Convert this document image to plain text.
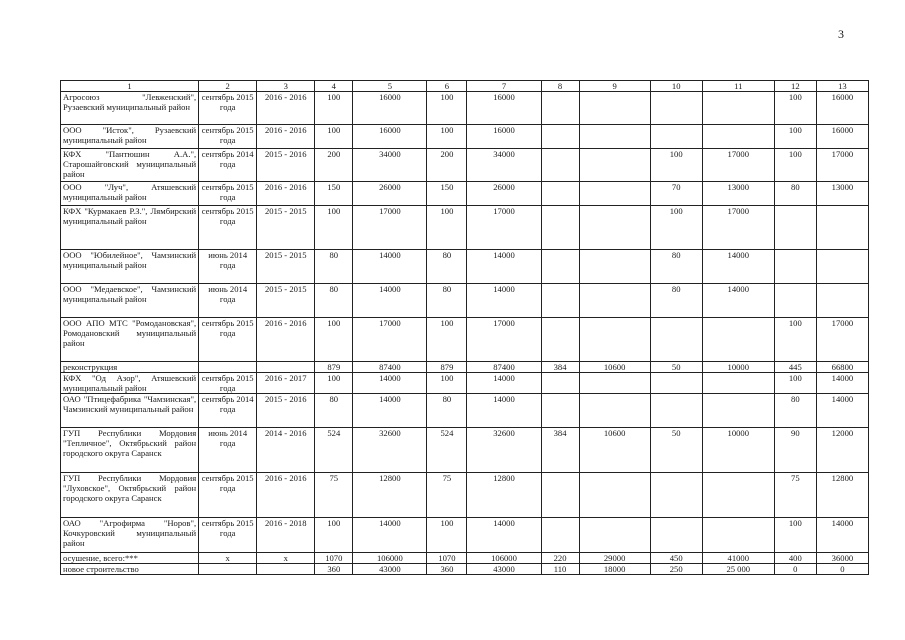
3
1	2	3	4	5	6	7	8	9	10	11	12	13
Агросоюз "Левженский", Рузаевский муниципальный район	сентябрь 2015 года	2016 - 2016	100	16000	100	16000					100	16000
ООО "Исток", Рузаевский муниципальный район	сентябрь 2015 года	2016 - 2016	100	16000	100	16000					100	16000
КФХ "Пантюшин А.А.", Старошайговский муниципальный район	сентябрь 2014 года	2015 - 2016	200	34000	200	34000			100	17000	100	17000
ООО "Луч", Атяшевский муниципальный район	сентябрь 2015 года	2016 - 2016	150	26000	150	26000			70	13000	80	13000
КФХ "Курмакаев Р.З.", Лямбирский муниципальный район	сентябрь 2015 года	2015 - 2015	100	17000	100	17000			100	17000		
ООО "Юбилейное", Чамзинский муниципальный район	июнь 2014 года	2015 - 2015	80	14000	80	14000			80	14000		
ООО "Медаевское", Чамзинский муниципальный район	июнь 2014 года	2015 - 2015	80	14000	80	14000			80	14000		
ООО АПО МТС "Ромодановская", Ромодановский муниципальный район	сентябрь 2015 года	2016 - 2016	100	17000	100	17000					100	17000
реконструкция			879	87400	879	87400	384	10600	50	10000	445	66800
КФХ "Од Азор", Атяшевский муниципальный район	сентябрь 2015 года	2016 - 2017	100	14000	100	14000					100	14000
ОАО "Птицефабрика "Чамзинская", Чамзинский муниципальный район	сентябрь 2014 года	2015 - 2016	80	14000	80	14000					80	14000
ГУП Республики Мордовия "Тепличное", Октябрьский район городского округа Саранск	июнь 2014 года	2014 - 2016	524	32600	524	32600	384	10600	50	10000	90	12000
ГУП Республики Мордовия "Луховское", Октябрьский район городского округа Саранск	сентябрь 2015 года	2016 - 2016	75	12800	75	12800					75	12800
ОАО "Агрофирма "Норов", Кочкуровский муниципальный район	сентябрь 2015 года	2016 - 2018	100	14000	100	14000					100	14000
осушение, всего:***	x	x	1070	106000	1070	106000	220	29000	450	41000	400	36000
новое строительство			360	43000	360	43000	110	18000	250	25 000	0	0
